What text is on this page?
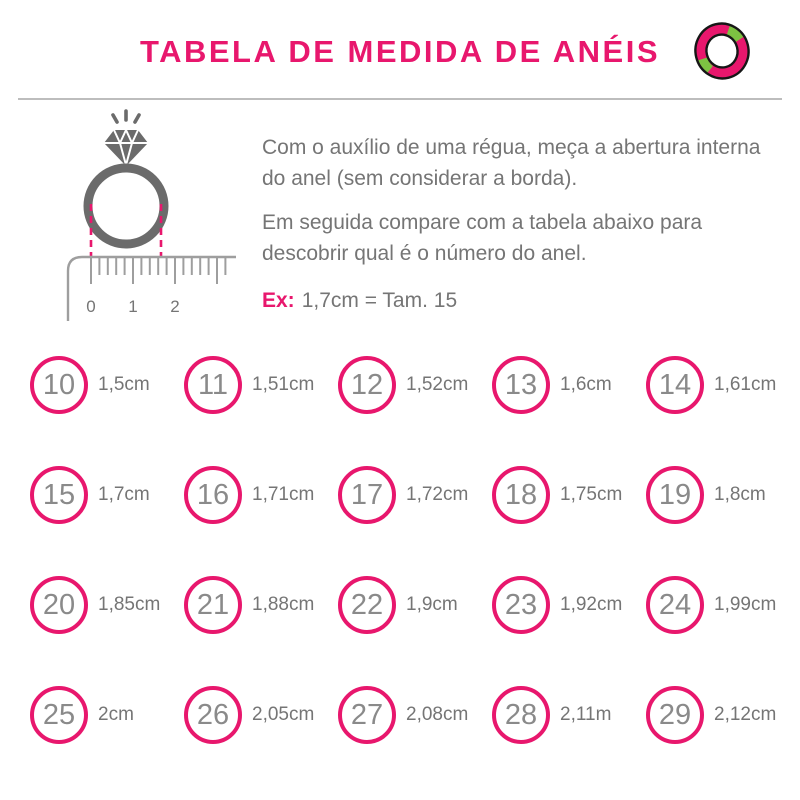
TABELA DE MEDIDA DE ANÉIS
0 1 2

Com o auxílio de uma régua, meça a abertura interna do anel (sem considerar a borda).

Em seguida compare com a tabela abaixo para descobrir qual é o número do anel.

Ex: 1,7cm = Tam. 15
10	1,5cm	11	1,51cm	12	1,52cm	13	1,6cm	14	1,61cm
15	1,7cm	16	1,71cm	17	1,72cm	18	1,75cm	19	1,8cm
20	1,85cm	21	1,88cm	22	1,9cm	23	1,92cm	24	1,99cm
25	2cm	26	2,05cm	27	2,08cm	28	2,11m	29	2,12cm
